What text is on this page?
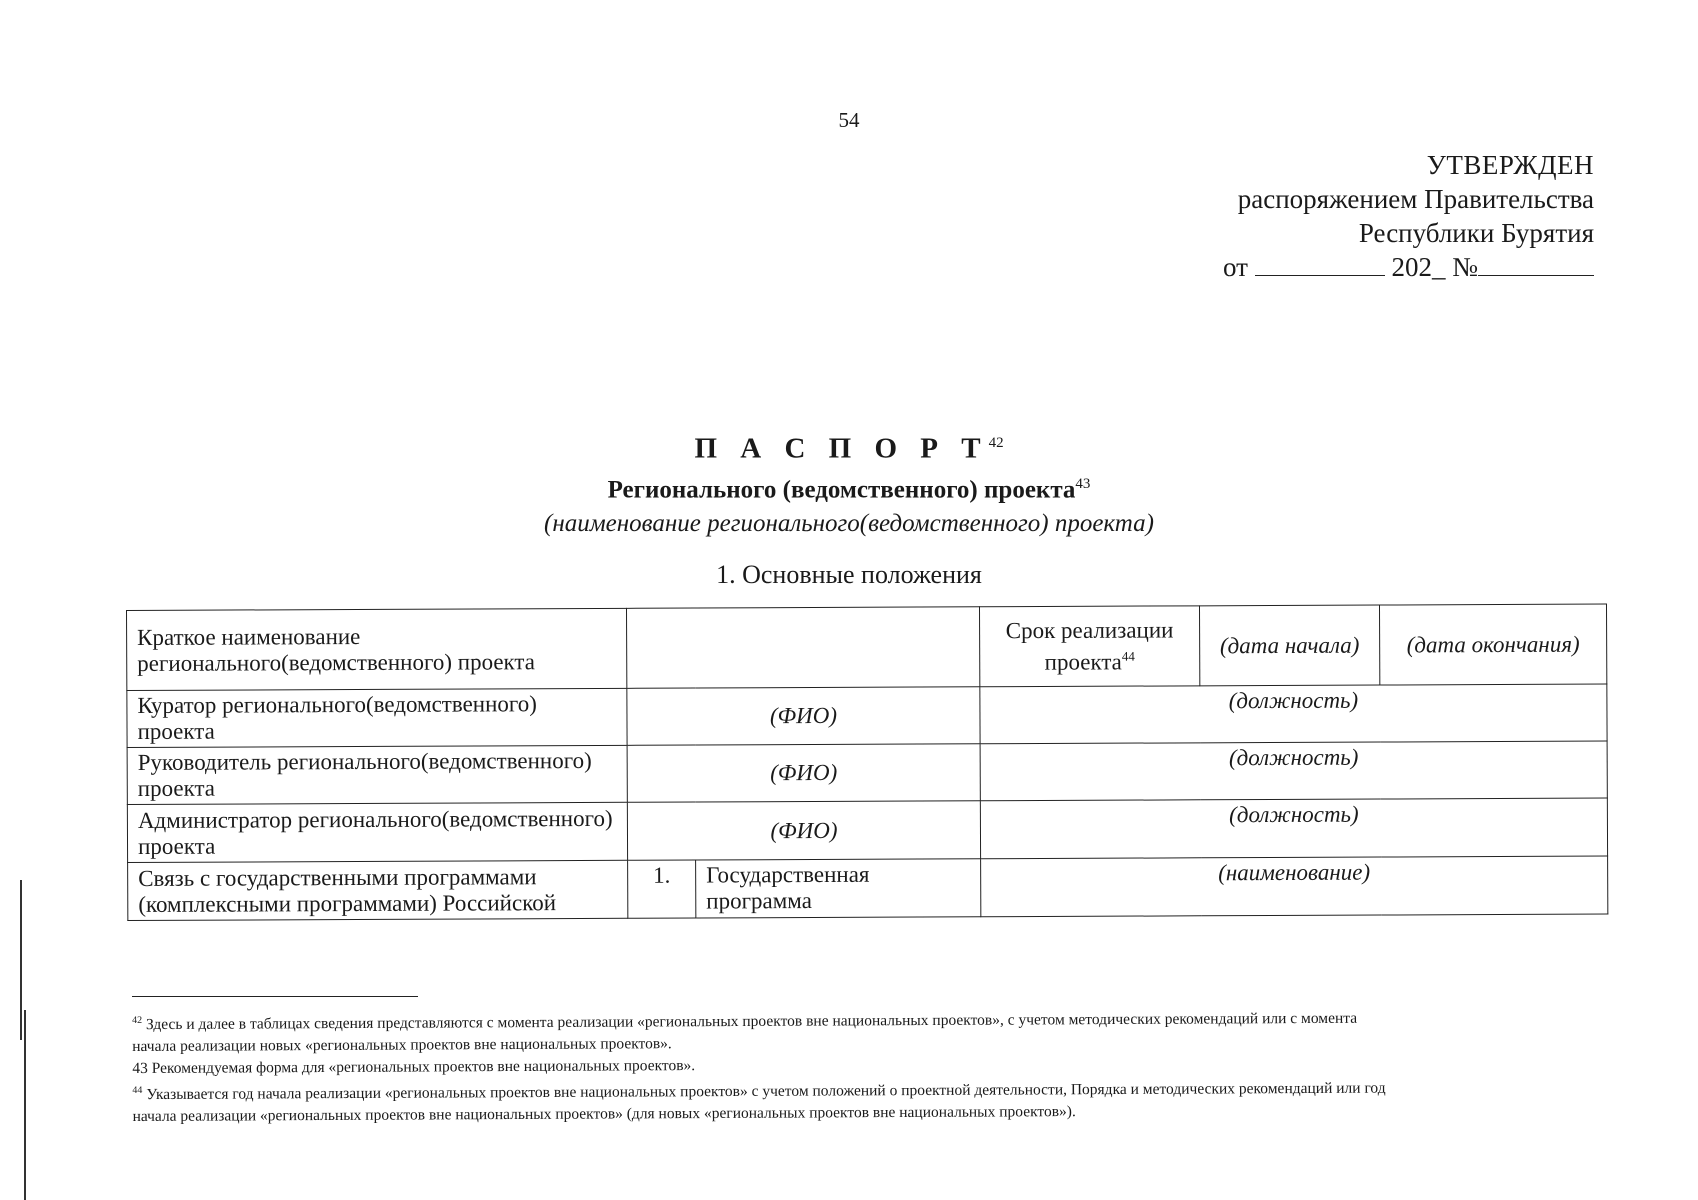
54
УТВЕРЖДЕН
распоряжением Правительства
Республики Бурятия
от	202_ №
П А С П О Р $Т^{42}$
Регионального (ведомственного) проекта$^{43}$
(наименование регионального(ведомственного) проекта)
1. Основные положения
Краткое наименование регионального(ведомственного) проекта			Срок реализации проекта$^{44}$	(дата начала)	(дата окончания)
Куратор регионального(ведомственного) проекта	(ФИО)		(должность)		
Руководитель регионального(ведомственного) проекта	(ФИО)		(должность)		
Администратор регионального(ведомственного) проекта	(ФИО)		(должность)		
Связь с государственными программами (комплексными программами) Российской	1.	Государственная программа	(наименование)		

$^{42}$ Здесь и далее в таблицах сведения представляются с момента реализации «региональных проектов вне национальных проектов», с учетом методических рекомендаций или с момента

начала реализации новых «региональных проектов вне национальных проектов».

43 Рекомендуемая форма для «региональных проектов вне национальных проектов».

$^{44}$ Указывается год начала реализации «региональных проектов вне национальных проектов» с учетом положений о проектной деятельности, Порядка и методических рекомендаций или год

начала реализации «региональных проектов вне национальных проектов» (для новых «региональных проектов вне национальных проектов»).
